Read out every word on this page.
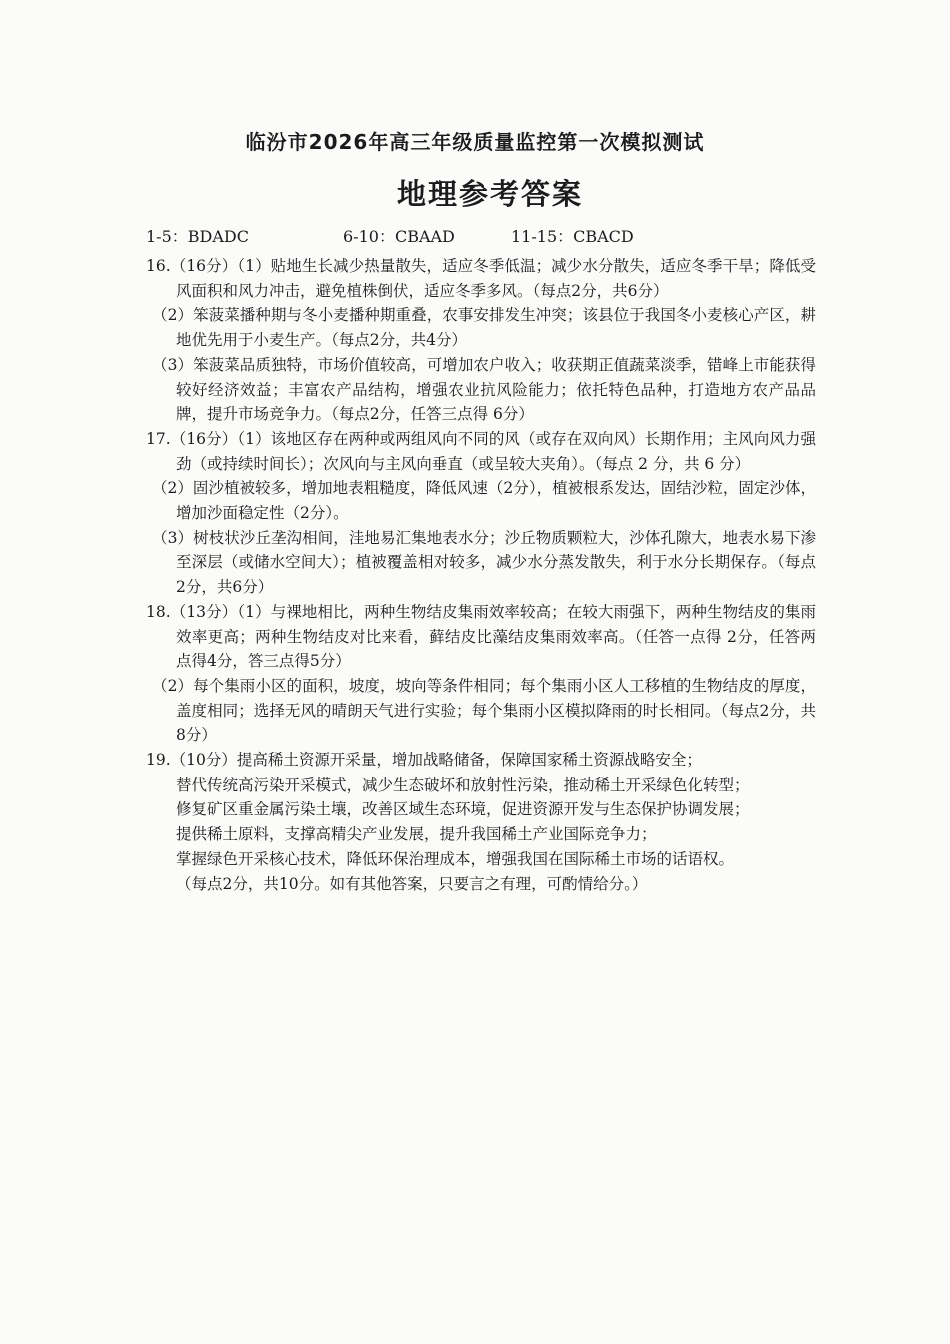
临汾市2026年高三年级质量监控第一次模拟测试
地理参考答案
1-5：BDADC	6-10：CBAAD	11-15：CBACD

16.（16分）（1）贴地生长减少热量散失，适应冬季低温；减少水分散失，适应冬季干旱；降低受风面积和风力冲击，避免植株倒伏，适应冬季多风。（每点2分，共6分）

（2）笨菠菜播种期与冬小麦播种期重叠，农事安排发生冲突；该县位于我国冬小麦核心产区，耕地优先用于小麦生产。（每点2分，共4分）

（3）笨菠菜品质独特，市场价值较高，可增加农户收入；收获期正值蔬菜淡季，错峰上市能获得较好经济效益；丰富农产品结构，增强农业抗风险能力；依托特色品种，打造地方农产品品牌，提升市场竞争力。（每点2分，任答三点得 6分）

17.（16分）（1）该地区存在两种或两组风向不同的风（或存在双向风）长期作用；主风向风力强劲（或持续时间长）；次风向与主风向垂直（或呈较大夹角）。（每点 2 分，共 6 分）

（2）固沙植被较多，增加地表粗糙度，降低风速（2分），植被根系发达，固结沙粒，固定沙体，增加沙面稳定性（2分）。

（3）树枝状沙丘垄沟相间，洼地易汇集地表水分；沙丘物质颗粒大，沙体孔隙大，地表水易下渗至深层（或储水空间大）；植被覆盖相对较多，减少水分蒸发散失，利于水分长期保存。（每点2分，共6分）

18.（13分）（1）与裸地相比，两种生物结皮集雨效率较高；在较大雨强下，两种生物结皮的集雨效率更高；两种生物结皮对比来看，藓结皮比藻结皮集雨效率高。（任答一点得 2分，任答两点得4分，答三点得5分）

（2）每个集雨小区的面积，坡度，坡向等条件相同；每个集雨小区人工移植的生物结皮的厚度，盖度相同；选择无风的晴朗天气进行实验；每个集雨小区模拟降雨的时长相同。（每点2分，共8分）

19.（10分）提高稀土资源开采量，增加战略储备，保障国家稀土资源战略安全；

替代传统高污染开采模式，减少生态破坏和放射性污染，推动稀土开采绿色化转型；

修复矿区重金属污染土壤，改善区域生态环境，促进资源开发与生态保护协调发展；

提供稀土原料，支撑高精尖产业发展，提升我国稀土产业国际竞争力；

掌握绿色开采核心技术，降低环保治理成本，增强我国在国际稀土市场的话语权。

（每点2分，共10分。如有其他答案，只要言之有理，可酌情给分。）
